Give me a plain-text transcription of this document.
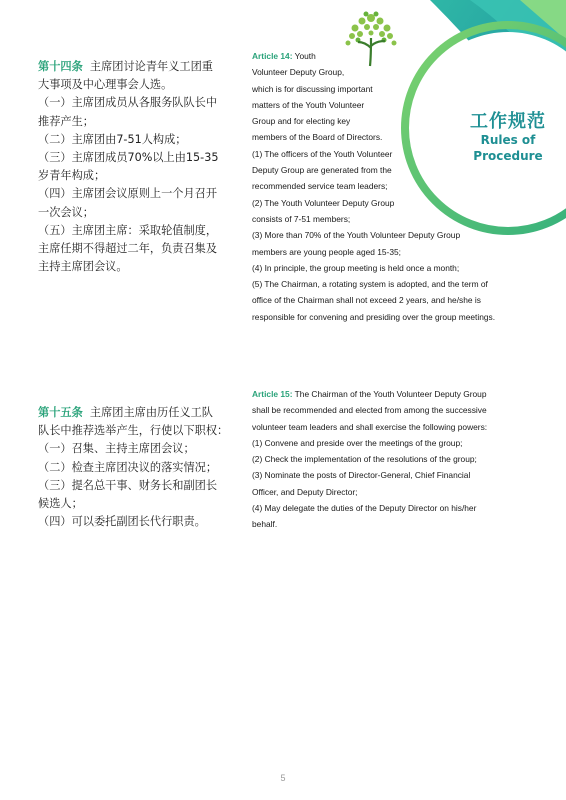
工作规范
Rules of Procedure
第十四条 主席团讨论青年义工团重
大事项及中心理事会人选。
（一）主席团成员从各服务队队长中
推荐产生；
（二）主席团由7-51人构成；
（三）主席团成员70%以上由15-35
岁青年构成；
（四）主席团会议原则上一个月召开
一次会议；
（五）主席团主席：采取轮值制度，
主席任期不得超过二年，负责召集及
主持主席团会议。
Article 14: Youth
Volunteer Deputy Group,
which is for discussing important
matters of the Youth Volunteer
Group and for electing key
members of the Board of Directors.
(1) The officers of the Youth Volunteer
Deputy Group are generated from the
recommended service team leaders;
(2) The Youth Volunteer Deputy Group
consists of 7-51 members;
(3) More than 70% of the Youth Volunteer Deputy Group
members are young people aged 15-35;
(4) In principle, the group meeting is held once a month;
(5) The Chairman, a rotating system is adopted, and the term of
office of the Chairman shall not exceed 2 years, and he/she is
responsible for convening and presiding over the group meetings.
第十五条 主席团主席由历任义工队
队长中推荐选举产生，行使以下职权：
（一）召集、主持主席团会议；
（二）检查主席团决议的落实情况；
（三）提名总干事、财务长和副团长
候选人；
（四）可以委托副团长代行职责。
Article 15: The Chairman of the Youth Volunteer Deputy Group
shall be recommended and elected from among the successive
volunteer team leaders and shall exercise the following powers:
(1) Convene and preside over the meetings of the group;
(2) Check the implementation of the resolutions of the group;
(3) Nominate the posts of Director-General, Chief Financial
Officer, and Deputy Director;
(4) May delegate the duties of the Deputy Director on his/her
behalf.
5
